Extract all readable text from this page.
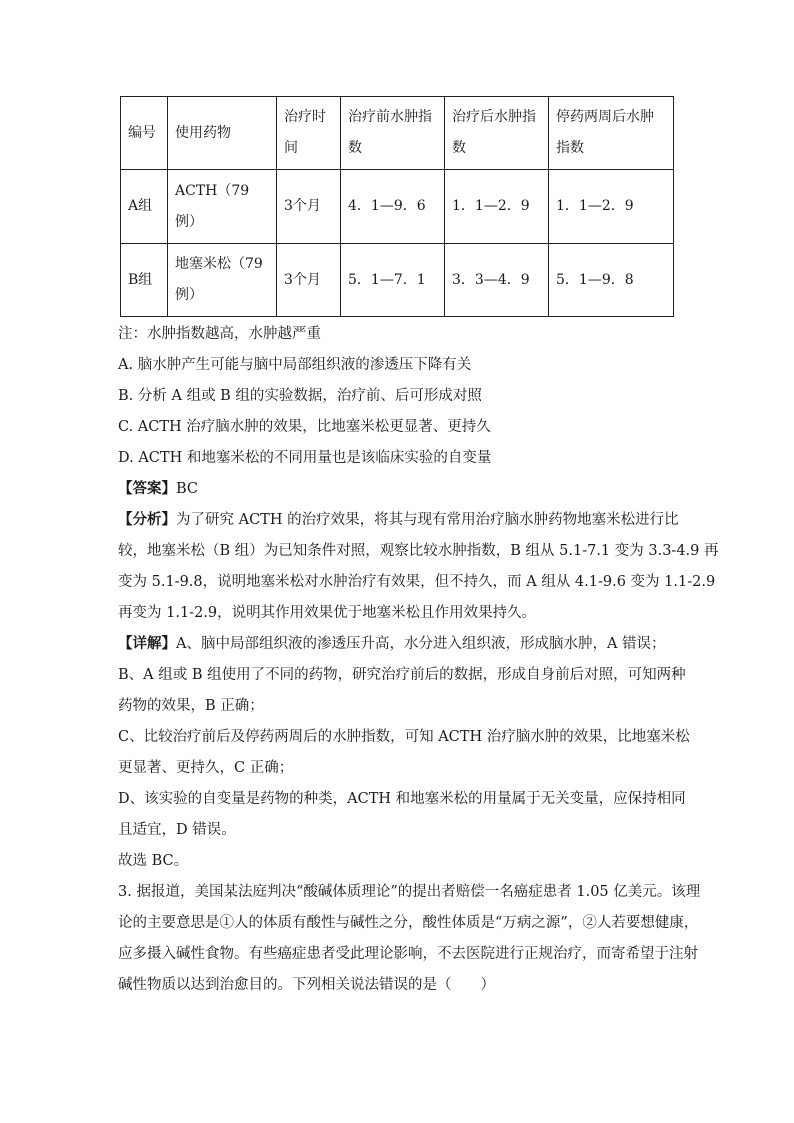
编号	使用药物	治疗时间	治疗前水肿指数	治疗后水肿指数	停药两周后水肿指数
A组	ACTH（79例）	3个月	4．1—9．6	1．1—2．9	1．1—2．9
B组	地塞米松（79例）	3个月	5．1—7．1	3．3—4．9	5．1—9．8
注：水肿指数越高，水肿越严重
A. 脑水肿产生可能与脑中局部组织液的渗透压下降有关
B. 分析 A 组或 B 组的实验数据，治疗前、后可形成对照
C. ACTH 治疗脑水肿的效果，比地塞米松更显著、更持久
D. ACTH 和地塞米松的不同用量也是该临床实验的自变量
【答案】BC
【分析】为了研究 ACTH 的治疗效果，将其与现有常用治疗脑水肿药物地塞米松进行比
较，地塞米松（B 组）为已知条件对照，观察比较水肿指数，B 组从 5.1-7.1 变为 3.3-4.9 再
变为 5.1-9.8，说明地塞米松对水肿治疗有效果，但不持久，而 A 组从 4.1-9.6 变为 1.1-2.9
再变为 1.1-2.9，说明其作用效果优于地塞米松且作用效果持久。
【详解】A、脑中局部组织液的渗透压升高，水分进入组织液，形成脑水肿，A 错误；
B、A 组或 B 组使用了不同的药物，研究治疗前后的数据，形成自身前后对照，可知两种
药物的效果，B 正确；
C、比较治疗前后及停药两周后的水肿指数，可知 ACTH 治疗脑水肿的效果，比地塞米松
更显著、更持久，C 正确；
D、该实验的自变量是药物的种类，ACTH 和地塞米松的用量属于无关变量，应保持相同
且适宜，D 错误。
故选 BC。
3. 据报道，美国某法庭判决“酸碱体质理论”的提出者赔偿一名癌症患者 1.05 亿美元。该理
论的主要意思是①人的体质有酸性与碱性之分，酸性体质是“万病之源”，②人若要想健康，
应多摄入碱性食物。有些癌症患者受此理论影响，不去医院进行正规治疗，而寄希望于注射
碱性物质以达到治愈目的。下列相关说法错误的是（　　）
